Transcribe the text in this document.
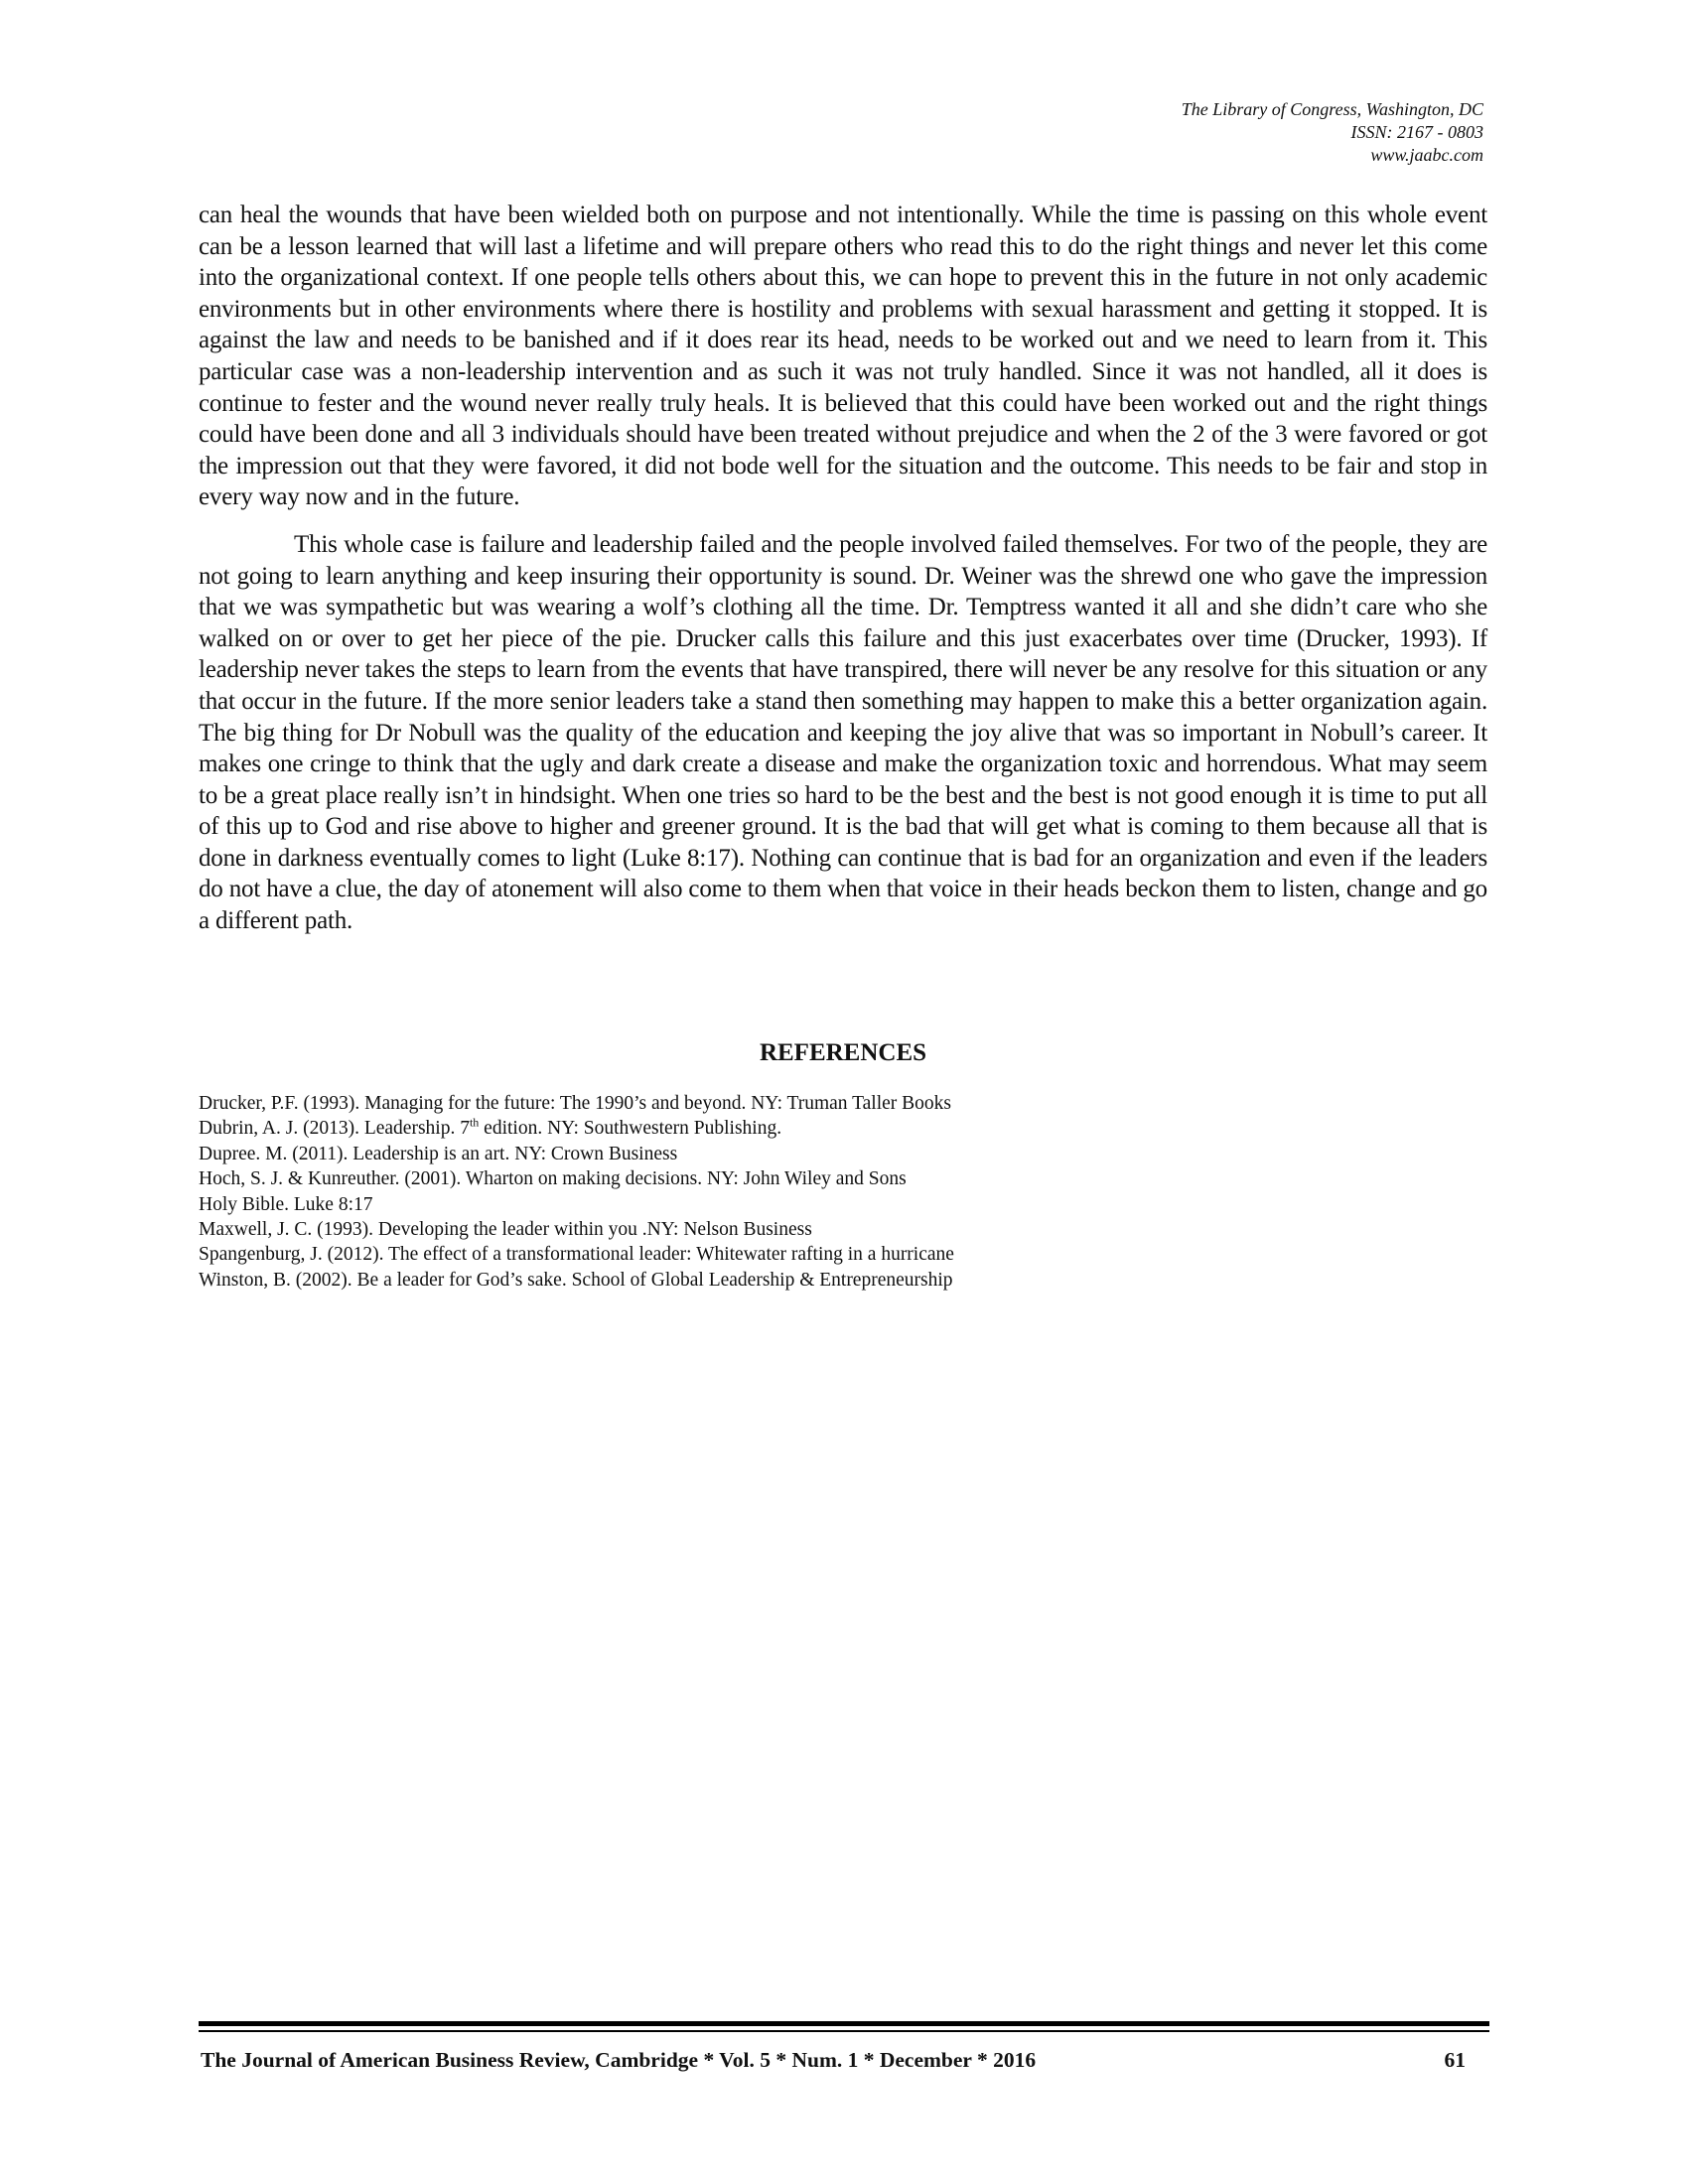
The Library of Congress, Washington, DC
ISSN: 2167 - 0803
www.jaabc.com

can heal the wounds that have been wielded both on purpose and not intentionally. While the time is passing on this whole event can be a lesson learned that will last a lifetime and will prepare others who read this to do the right things and never let this come into the organizational context. If one people tells others about this, we can hope to prevent this in the future in not only academic environments but in other environments where there is hostility and problems with sexual harassment and getting it stopped. It is against the law and needs to be banished and if it does rear its head, needs to be worked out and we need to learn from it. This particular case was a non-leadership intervention and as such it was not truly handled. Since it was not handled, all it does is continue to fester and the wound never really truly heals. It is believed that this could have been worked out and the right things could have been done and all 3 individuals should have been treated without prejudice and when the 2 of the 3 were favored or got the impression out that they were favored, it did not bode well for the situation and the outcome. This needs to be fair and stop in every way now and in the future.

This whole case is failure and leadership failed and the people involved failed themselves. For two of the people, they are not going to learn anything and keep insuring their opportunity is sound. Dr. Weiner was the shrewd one who gave the impression that we was sympathetic but was wearing a wolf’s clothing all the time. Dr. Temptress wanted it all and she didn’t care who she walked on or over to get her piece of the pie. Drucker calls this failure and this just exacerbates over time (Drucker, 1993). If leadership never takes the steps to learn from the events that have transpired, there will never be any resolve for this situation or any that occur in the future. If the more senior leaders take a stand then something may happen to make this a better organization again. The big thing for Dr Nobull was the quality of the education and keeping the joy alive that was so important in Nobull’s career. It makes one cringe to think that the ugly and dark create a disease and make the organization toxic and horrendous. What may seem to be a great place really isn’t in hindsight. When one tries so hard to be the best and the best is not good enough it is time to put all of this up to God and rise above to higher and greener ground. It is the bad that will get what is coming to them because all that is done in darkness eventually comes to light (Luke 8:17). Nothing can continue that is bad for an organization and even if the leaders do not have a clue, the day of atonement will also come to them when that voice in their heads beckon them to listen, change and go a different path.

REFERENCES
Drucker, P.F. (1993). Managing for the future: The 1990’s and beyond. NY: Truman Taller Books
Dubrin, A. J. (2013). Leadership. 7th edition. NY: Southwestern Publishing.
Dupree. M. (2011). Leadership is an art. NY: Crown Business
Hoch, S. J. & Kunreuther. (2001). Wharton on making decisions. NY: John Wiley and Sons
Holy Bible. Luke 8:17
Maxwell, J. C. (1993). Developing the leader within you .NY: Nelson Business
Spangenburg, J. (2012). The effect of a transformational leader: Whitewater rafting in a hurricane
Winston, B. (2002). Be a leader for God’s sake. School of Global Leadership & Entrepreneurship
The Journal of American Business Review, Cambridge * Vol. 5 * Num. 1 * December * 2016	61
